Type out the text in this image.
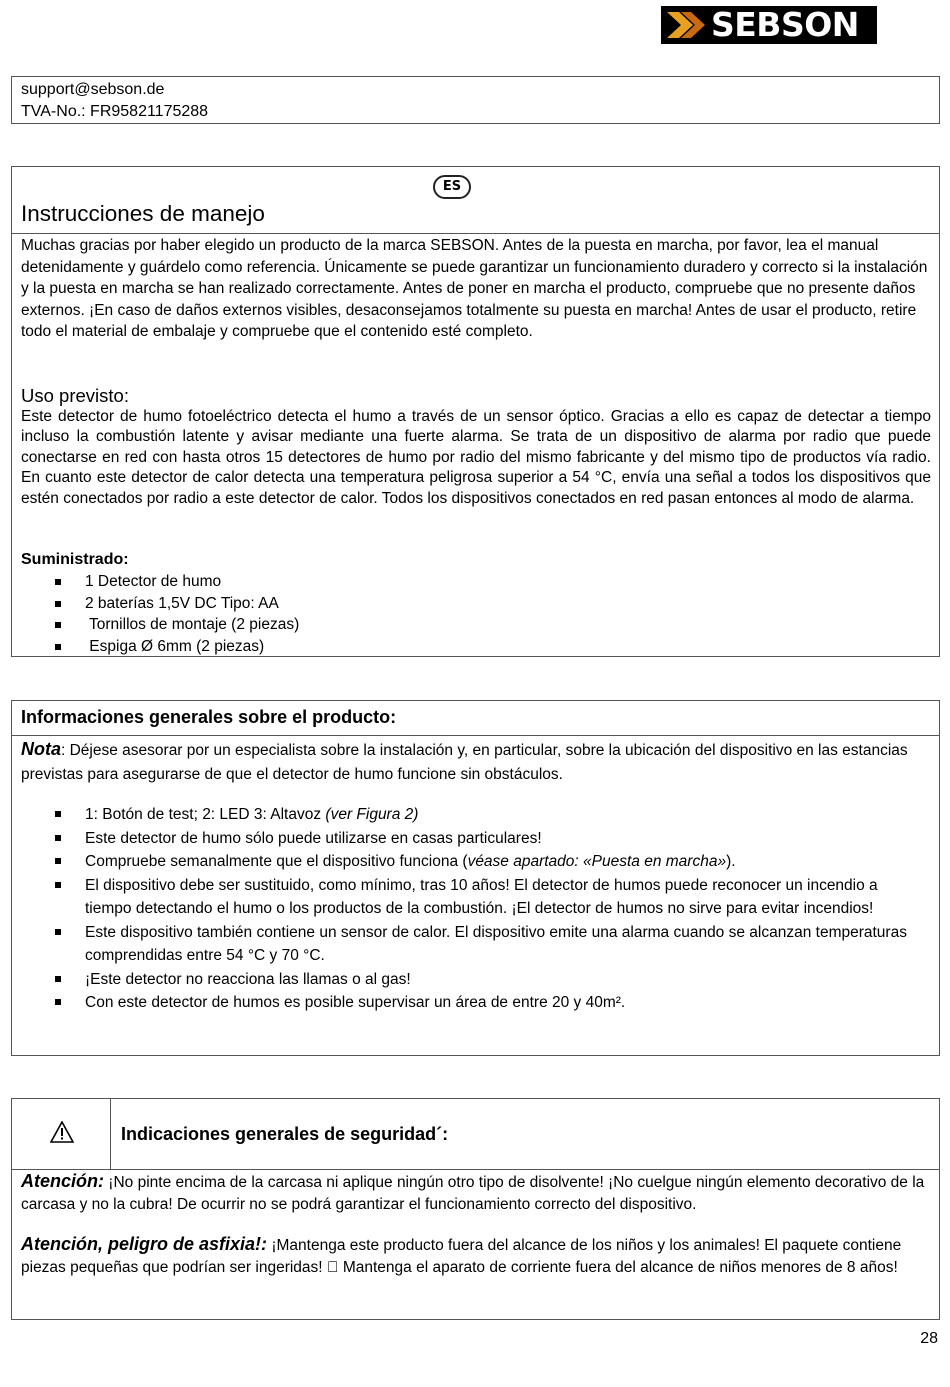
SEBSON
support@sebson.de
TVA-No.: FR95821175288
ES
Instrucciones de manejo
Muchas gracias por haber elegido un producto de la marca SEBSON. Antes de la puesta en marcha, por favor, lea el manual detenidamente y guárdelo como referencia. Únicamente se puede garantizar un funcionamiento duradero y correcto si la instalación y la puesta en marcha se han realizado correctamente. Antes de poner en marcha el producto, compruebe que no presente daños externos. ¡En caso de daños externos visibles, desaconsejamos totalmente su puesta en marcha! Antes de usar el producto, retire todo el material de embalaje y compruebe que el contenido esté completo.
Uso previsto:
Este detector de humo fotoeléctrico detecta el humo a través de un sensor óptico. Gracias a ello es capaz de detectar a tiempo incluso la combustión latente y avisar mediante una fuerte alarma. Se trata de un dispositivo de alarma por radio que puede conectarse en red con hasta otros 15 detectores de humo por radio del mismo fabricante y del mismo tipo de productos vía radio. En cuanto este detector de calor detecta una temperatura peligrosa superior a 54 °C, envía una señal a todos los dispositivos que estén conectados por radio a este detector de calor. Todos los dispositivos conectados en red pasan entonces al modo de alarma.
Suministrado:
1 Detector de humo
2 baterías 1,5V DC Tipo: AA
Tornillos de montaje (2 piezas)
Espiga Ø 6mm (2 piezas)
Informaciones generales sobre el producto:
Nota: Déjese asesorar por un especialista sobre la instalación y, en particular, sobre la ubicación del dispositivo en las estancias previstas para asegurarse de que el detector de humo funcione sin obstáculos.
1: Botón de test; 2: LED 3: Altavoz (ver Figura 2)
Este detector de humo sólo puede utilizarse en casas particulares!
Compruebe semanalmente que el dispositivo funciona (véase apartado: «Puesta en marcha»).
El dispositivo debe ser sustituido, como mínimo, tras 10 años! El detector de humos puede reconocer un incendio a tiempo detectando el humo o los productos de la combustión. ¡El detector de humos no sirve para evitar incendios!
Este dispositivo también contiene un sensor de calor. El dispositivo emite una alarma cuando se alcanzan temperaturas comprendidas entre 54 °C y 70 °C.
¡Este detector no reacciona las llamas o al gas!
Con este detector de humos es posible supervisar un área de entre 20 y 40m².
Indicaciones generales de seguridad´:
Atención: ¡No pinte encima de la carcasa ni aplique ningún otro tipo de disolvente! ¡No cuelgue ningún elemento decorativo de la carcasa y no la cubra! De ocurrir no se podrá garantizar el funcionamiento correcto del dispositivo.
Atención, peligro de asfixia!: ¡Mantenga este producto fuera del alcance de los niños y los animales! El paquete contiene piezas pequeñas que podrían ser ingeridas! Mantenga el aparato de corriente fuera del alcance de niños menores de 8 años!
28
